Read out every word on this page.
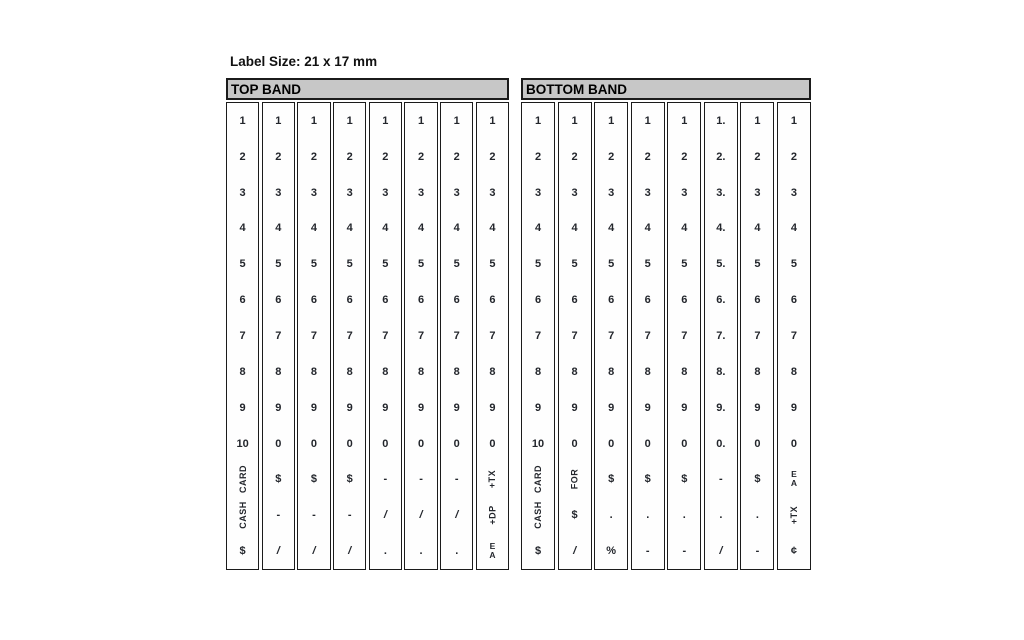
Label Size: 21 x 17 mm
TOP BAND
1
2
3
4
5
6
7
8
9
10
CARD
CASH
$
1
2
3
4
5
6
7
8
9
0
$
-
/
1
2
3
4
5
6
7
8
9
0
$
-
/
1
2
3
4
5
6
7
8
9
0
$
-
/
1
2
3
4
5
6
7
8
9
0
-
/
.
1
2
3
4
5
6
7
8
9
0
-
/
.
1
2
3
4
5
6
7
8
9
0
-
/
.
1
2
3
4
5
6
7
8
9
0
+TX
+DP
E
A
BOTTOM BAND
1
2
3
4
5
6
7
8
9
10
CARD
CASH
$
1
2
3
4
5
6
7
8
9
0
FOR
$
/
1
2
3
4
5
6
7
8
9
0
$
.
%
1
2
3
4
5
6
7
8
9
0
$
.
-
1
2
3
4
5
6
7
8
9
0
$
.
-
1.
2.
3.
4.
5.
6.
7.
8.
9.
0.
-
.
/
1
2
3
4
5
6
7
8
9
0
$
.
-
1
2
3
4
5
6
7
8
9
0
E
A
+TX
¢
